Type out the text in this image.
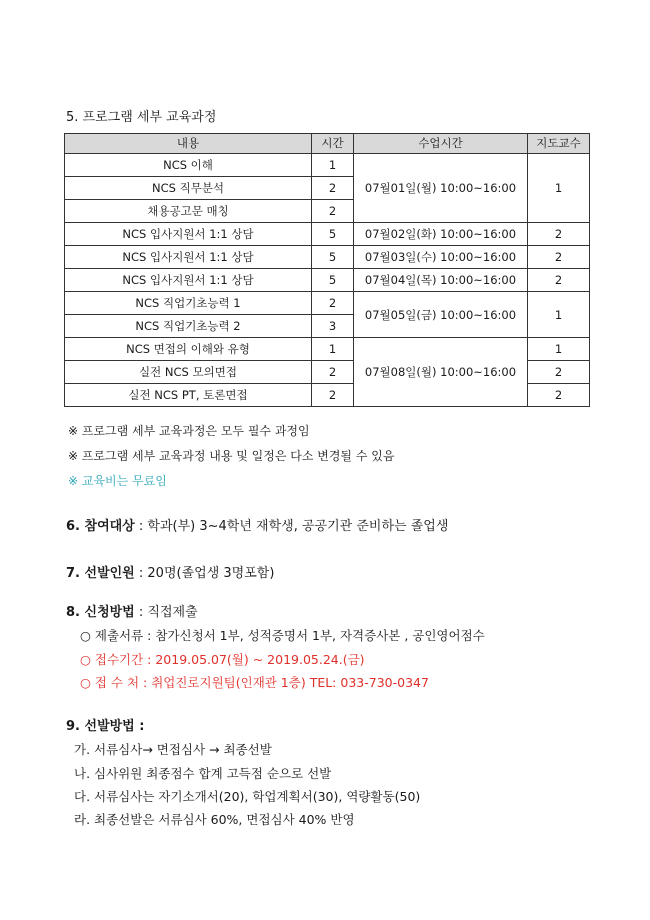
5. 프로그램 세부 교육과정
내용	시간	수업시간	지도교수
NCS 이해	1	07월01일(월) 10:00~16:00	1
NCS 직무분석	2		
채용공고문 매칭	2		
NCS 입사지원서 1:1 상담	5	07월02일(화) 10:00~16:00	2
NCS 입사지원서 1:1 상담	5	07월03일(수) 10:00~16:00	2
NCS 입사지원서 1:1 상담	5	07월04일(목) 10:00~16:00	2
NCS 직업기초능력 1	2	07월05일(금) 10:00~16:00	1
NCS 직업기초능력 2	3		
NCS 면접의 이해와 유형	1	07월08일(월) 10:00~16:00	1
실전 NCS 모의면접	2		2
실전 NCS PT, 토론면접	2		2
※ 프로그램 세부 교육과정은 모두 필수 과정임
※ 프로그램 세부 교육과정 내용 및 일정은 다소 변경될 수 있음
※ 교육비는 무료임
6. 참여대상 : 학과(부) 3~4학년 재학생, 공공기관 준비하는 졸업생
7. 선발인원 : 20명(졸업생 3명포함)
8. 신청방법 : 직접제출
○ 제출서류 : 참가신청서 1부, 성적증명서 1부, 자격증사본 , 공인영어점수
○ 접수기간 : 2019.05.07(월) ~ 2019.05.24.(금)
○ 접 수 처 : 취업진로지원팀(인재관 1층) TEL: 033-730-0347
9. 선발방법 :
가. 서류심사→ 면접심사 → 최종선발
나. 심사위원 최종점수 합계 고득점 순으로 선발
다. 서류심사는 자기소개서(20), 학업계획서(30), 역량활동(50)
라. 최종선발은 서류심사 60%, 면접심사 40% 반영
